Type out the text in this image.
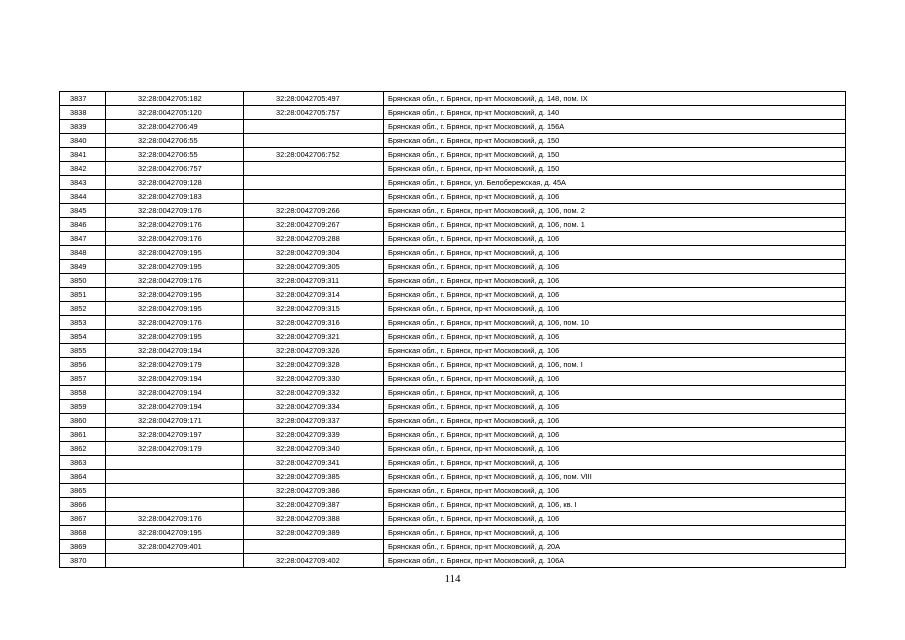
3837	32:28:0042705:182	32:28:0042705:497	Брянская обл., г. Брянск, пр-кт Московский, д. 148, пом. IX
3838	32:28:0042705:120	32:28:0042705:757	Брянская обл., г. Брянск, пр-кт Московский, д. 140
3839	32:28:0042706:49		Брянская обл., г. Брянск, пр-кт Московский, д. 156А
3840	32:28:0042706:55		Брянская обл., г. Брянск, пр-кт Московский, д. 150
3841	32:28:0042706:55	32:28:0042706:752	Брянская обл., г. Брянск, пр-кт Московский, д. 150
3842	32:28:0042706:757		Брянская обл., г. Брянск, пр-кт Московский, д. 150
3843	32:28:0042709:128		Брянская обл., г. Брянск, ул. Белобережская, д. 45А
3844	32:28:0042709:183		Брянская обл., г. Брянск, пр-кт Московский, д. 106
3845	32:28:0042709:176	32:28:0042709:266	Брянская обл., г. Брянск, пр-кт Московский, д. 106, пом. 2
3846	32:28:0042709:176	32:28:0042709:267	Брянская обл., г. Брянск, пр-кт Московский, д. 106, пом. 1
3847	32:28:0042709:176	32:28:0042709:288	Брянская обл., г. Брянск, пр-кт Московский, д. 106
3848	32:28:0042709:195	32:28:0042709:304	Брянская обл., г. Брянск, пр-кт Московский, д. 106
3849	32:28:0042709:195	32:28:0042709:305	Брянская обл., г. Брянск, пр-кт Московский, д. 106
3850	32:28:0042709:176	32:28:0042709:311	Брянская обл., г. Брянск, пр-кт Московский, д. 106
3851	32:28:0042709:195	32:28:0042709:314	Брянская обл., г. Брянск, пр-кт Московский, д. 106
3852	32:28:0042709:195	32:28:0042709:315	Брянская обл., г. Брянск, пр-кт Московский, д. 106
3853	32:28:0042709:176	32:28:0042709:316	Брянская обл., г. Брянск, пр-кт Московский, д. 106, пом. 10
3854	32:28:0042709:195	32:28:0042709:321	Брянская обл., г. Брянск, пр-кт Московский, д. 106
3855	32:28:0042709:194	32:28:0042709:326	Брянская обл., г. Брянск, пр-кт Московский, д. 106
3856	32:28:0042709:179	32:28:0042709:328	Брянская обл., г. Брянск, пр-кт Московский, д. 106, пом. I
3857	32:28:0042709:194	32:28:0042709:330	Брянская обл., г. Брянск, пр-кт Московский, д. 106
3858	32:28:0042709:194	32:28:0042709:332	Брянская обл., г. Брянск, пр-кт Московский, д. 106
3859	32:28:0042709:194	32:28:0042709:334	Брянская обл., г. Брянск, пр-кт Московский, д. 106
3860	32:28:0042709:171	32:28:0042709:337	Брянская обл., г. Брянск, пр-кт Московский, д. 106
3861	32:28:0042709:197	32:28:0042709:339	Брянская обл., г. Брянск, пр-кт Московский, д. 106
3862	32:28:0042709:179	32:28:0042709:340	Брянская обл., г. Брянск, пр-кт Московский, д. 106
3863		32:28:0042709:341	Брянская обл., г. Брянск, пр-кт Московский, д. 106
3864		32:28:0042709:385	Брянская обл., г. Брянск, пр-кт Московский, д. 106, пом. VIII
3865		32:28:0042709:386	Брянская обл., г. Брянск, пр-кт Московский, д. 106
3866		32:28:0042709:387	Брянская обл., г. Брянск, пр-кт Московский, д. 106, кв. I
3867	32:28:0042709:176	32:28:0042709:388	Брянская обл., г. Брянск, пр-кт Московский, д. 106
3868	32:28:0042709:195	32:28:0042709:389	Брянская обл., г. Брянск, пр-кт Московский, д. 106
3869	32:28:0042709:401		Брянская обл., г. Брянск, пр-кт Московский, д. 20А
3870		32:28:0042709:402	Брянская обл., г. Брянск, пр-кт Московский, д. 106А
114
